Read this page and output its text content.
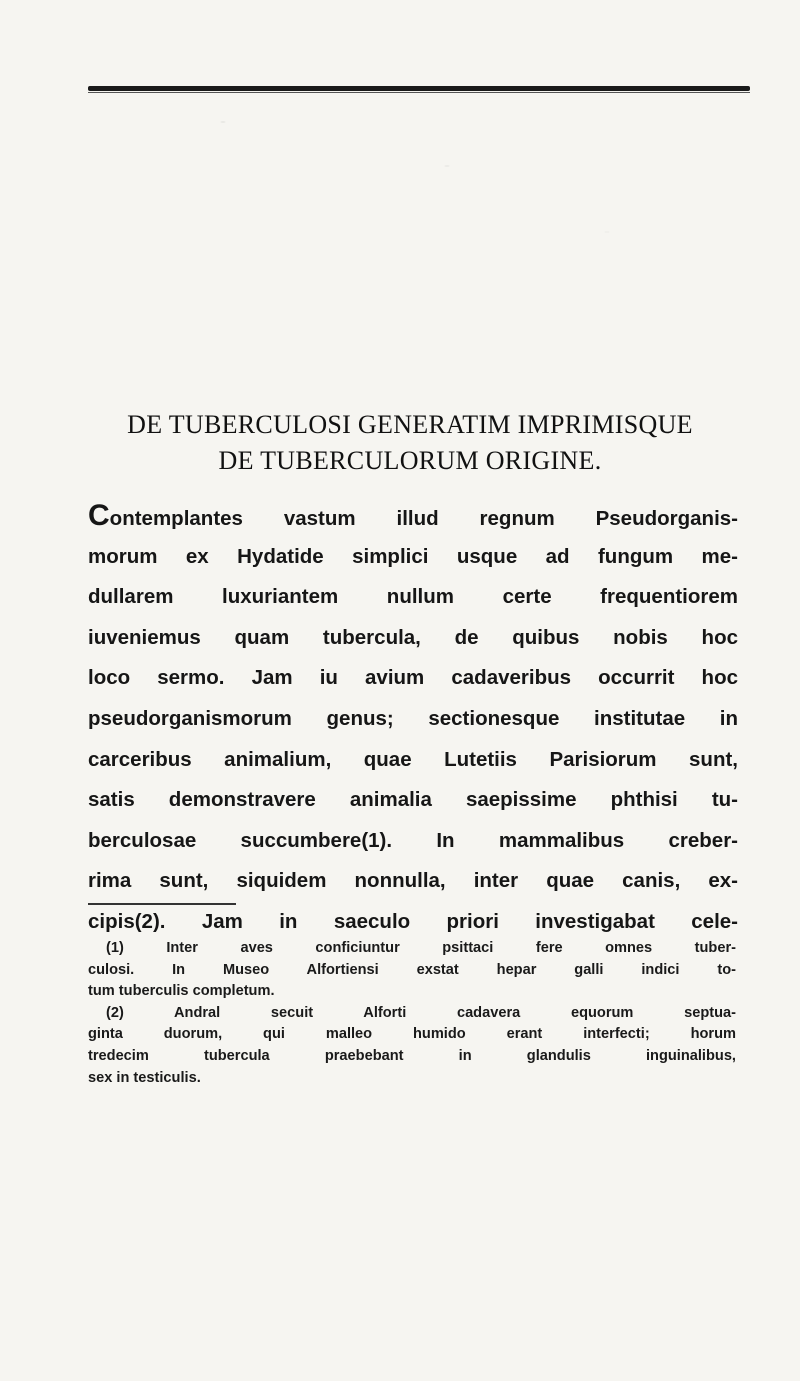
DE TUBERCULOSI GENERATIM IMPRIMISQUE
DE TUBERCULORUM ORIGINE.
Contemplantes vastum illud regnum Pseudorganis-
morum ex Hydatide simplici usque ad fungum me-
dullarem luxuriantem nullum certe frequentiorem
iuveniemus quam tubercula, de quibus nobis hoc
loco sermo. Jam iu avium cadaveribus occurrit hoc
pseudorganismorum genus; sectionesque institutae in
carceribus animalium, quae Lutetiis Parisiorum sunt,
satis demonstravere animalia saepissime phthisi tu-
berculosae succumbere(1). In mammalibus creber-
rima sunt, siquidem nonnulla, inter quae canis, ex-
cipis(2). Jam in saeculo priori investigabat cele-
(1) Inter aves conficiuntur psittaci fere omnes tuber-
culosi. In Museo Alfortiensi exstat hepar galli indici to-
tum tuberculis completum.
(2) Andral secuit Alforti cadavera equorum septua-
ginta duorum, qui malleo humido erant interfecti; horum
tredecim tubercula praebebant in glandulis inguinalibus,
sex in testiculis.
